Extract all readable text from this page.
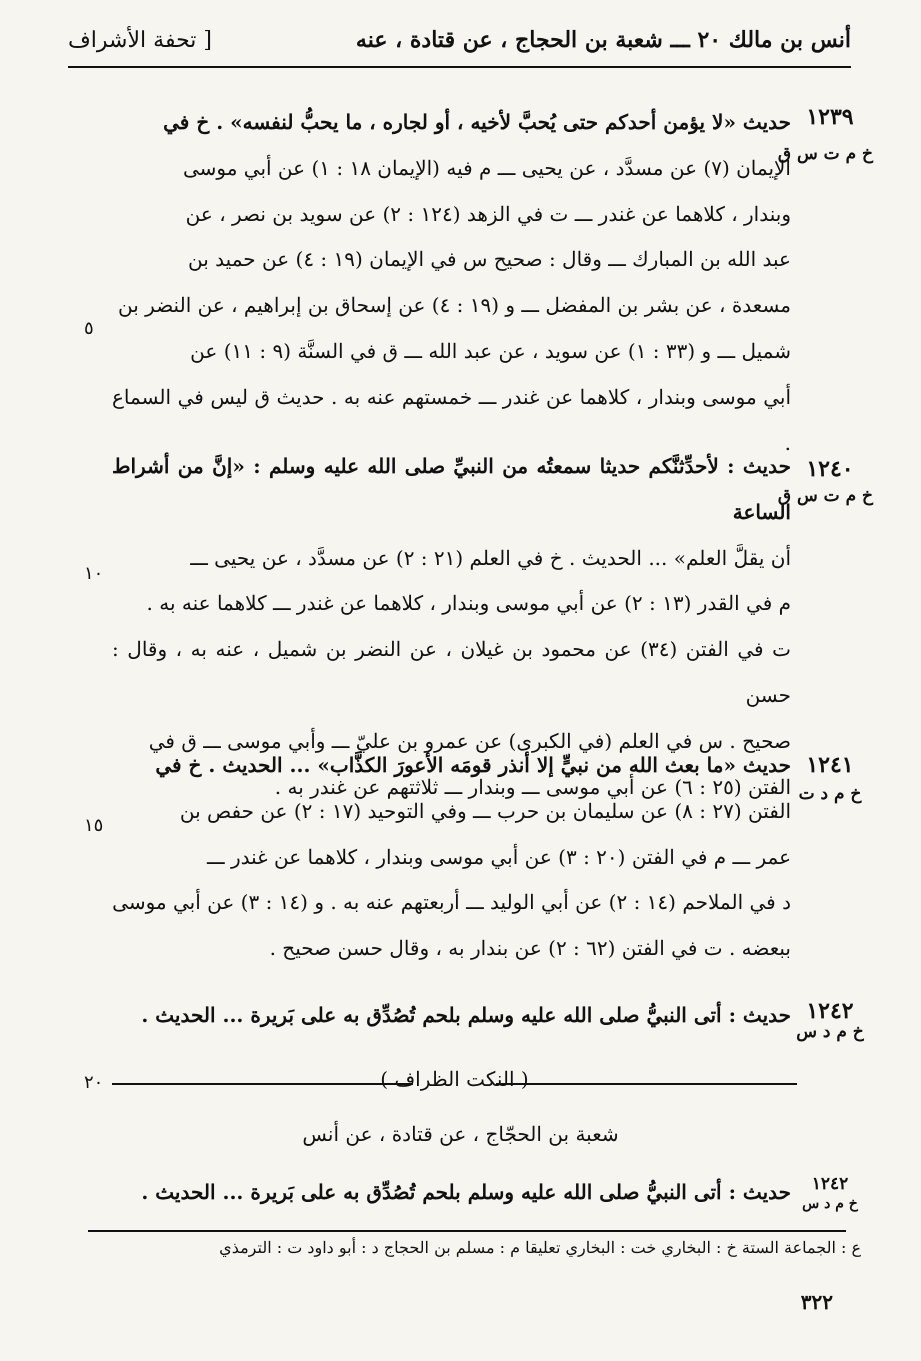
أنس بن مالك ٢٠ ـــ شعبة بن الحجاج ، عن قتادة ، عنه
[ تحفة الأشراف
١٢٣٩
خ م ت س ق
حديث «لا يؤمن أحدكم حتى يُحبَّ لأخيه ، أو لجاره ، ما يحبُّ لنفسه» . خ في
الإيمان (٧) عن مسدَّد ، عن يحيى ـــ م فيه (الإيمان ١٨ : ١) عن أبي موسى
وبندار ، كلاهما عن غندر ـــ ت في الزهد (١٢٤ : ٢) عن سويد بن نصر ، عن
عبد الله بن المبارك ـــ وقال : صحيح س في الإيمان (١٩ : ٤) عن حميد بن
مسعدة ، عن بشر بن المفضل ـــ و (١٩ : ٤) عن إسحاق بن إبراهيم ، عن النضر بن
شميل ـــ و (٣٣ : ١) عن سويد ، عن عبد الله ـــ ق في السنَّة (٩ : ١١) عن
أبي موسى وبندار ، كلاهما عن غندر ـــ خمستهم عنه به . حديث ق ليس في السماع .
١٢٤٠
خ م ت س ق
حديث : لأحدِّثنَّكم حديثا سمعتُه من النبيِّ صلى الله عليه وسلم : «إنَّ من أشراط الساعة
أن يقلَّ العلم» ... الحديث . خ في العلم (٢١ : ٢) عن مسدَّد ، عن يحيى ـــ
م في القدر (١٣ : ٢) عن أبي موسى وبندار ، كلاهما عن غندر ـــ كلاهما عنه به .
ت في الفتن (٣٤) عن محمود بن غيلان ، عن النضر بن شميل ، عنه به ، وقال : حسن
صحيح . س في العلم (في الكبرى) عن عمرو بن عليّ ـــ وأبي موسى ـــ ق في
الفتن (٢٥ : ٦) عن أبي موسى ـــ وبندار ـــ ثلاثتهم عن غندر به .
١٢٤١
خ م د ت
حديث «ما بعث الله من نبيٍّ إلا أنذر قومَه الأعورَ الكذَّاب» ... الحديث . خ في
الفتن (٢٧ : ٨) عن سليمان بن حرب ـــ وفي التوحيد (١٧ : ٢) عن حفص بن
عمر ـــ م في الفتن (٢٠ : ٣) عن أبي موسى وبندار ، كلاهما عن غندر ـــ
د في الملاحم (١٤ : ٢) عن أبي الوليد ـــ أربعتهم عنه به . و (١٤ : ٣) عن أبي موسى
ببعضه . ت في الفتن (٦٢ : ٢) عن بندار به ، وقال حسن صحيح .
١٢٤٢
خ م د س
حديث : أتى النبيُّ صلى الله عليه وسلم بلحم تُصُدِّق به على بَريرة ... الحديث .
٥
١٠
١٥
٢٠	( النكت الظراف )
شعبة بن الحجّاج ، عن قتادة ، عن أنس
١٢٤٢
خ م د س
حديث : أتى النبيُّ صلى الله عليه وسلم بلحم تُصُدِّق به على بَريرة ... الحديث .
ع : الجماعة الستة خ : البخاري خت : البخاري تعليقا م : مسلم بن الحجاج د : أبو داود ت : الترمذي
٣٢٢
